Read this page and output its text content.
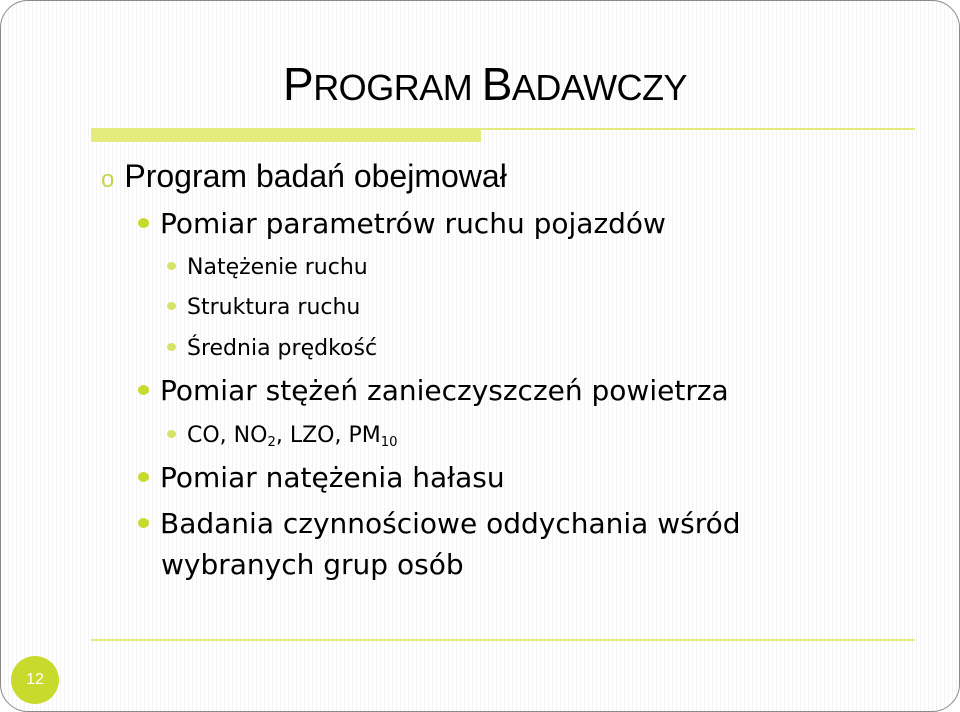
PROGRAM BADAWCZY
o Program badań obejmował
Pomiar parametrów ruchu pojazdów
Natężenie ruchu
Struktura ruchu
Średnia prędkość
Pomiar stężeń zanieczyszczeń powietrza
CO, $NO_2$, LZO, $PM_{10}$
Pomiar natężenia hałasu
Badania czynnościowe oddychania wśród
wybranych grup osób
12
